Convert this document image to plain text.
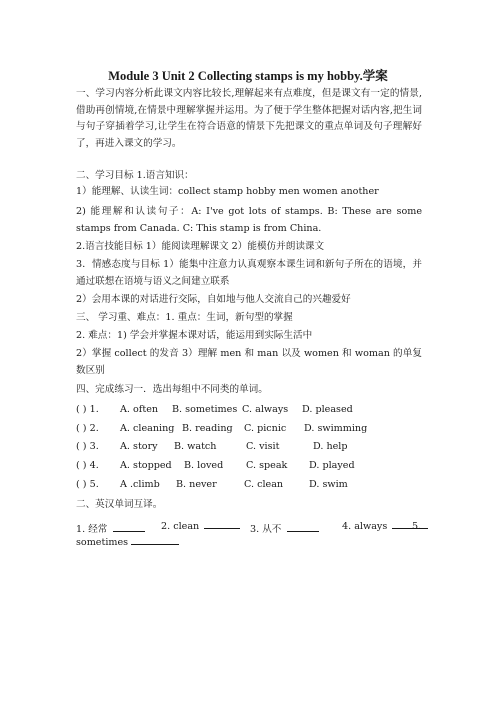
Module 3 Unit 2 Collecting stamps is my hobby.学案
一、学习内容分析此课文内容比较长,理解起来有点难度，但是课文有一定的情景,借助再创情境,在情景中理解掌握并运用。为了便于学生整体把握对话内容,把生词与句子穿插着学习,让学生在符合语意的情景下先把课文的重点单词及句子理解好了，再进入课文的学习。
二、学习目标 1.语言知识：
1）能理解、认读生词：collect stamp hobby men women another
2) 能理解和认读句子：A: I've got lots of stamps. B: These are some stamps from Canada. C: This stamp is from China.
2.语言技能目标 1）能阅读理解课文 2）能模仿并朗读课文
3．情感态度与目标 1）能集中注意力认真观察本课生词和新句子所在的语境，并通过联想在语境与语义之间建立联系
2）会用本课的对话进行交际，自如地与他人交流自己的兴趣爱好
三、 学习重、难点：1. 重点：生词，新句型的掌握
2. 难点：1) 学会并掌握本课对话，能运用到实际生活中
2）掌握 collect 的发音 3）理解 men 和 man 以及 women 和 woman 的单复数区别
四、完成练习一．选出每组中不同类的单词。
( ) 1. A. often B. sometimes C. always D. pleased
( ) 2. A. cleaning B. reading C. picnic D. swimming
( ) 3. A. story B. watch	C. visit	D. help
( ) 4. A. stopped B. loved C. speak D. played
( ) 5. A .climb B. never	C. clean	D. swim
二、英汉单词互译。
1. 经常	2. clean	3. 从不	4. always	5.
sometimes
